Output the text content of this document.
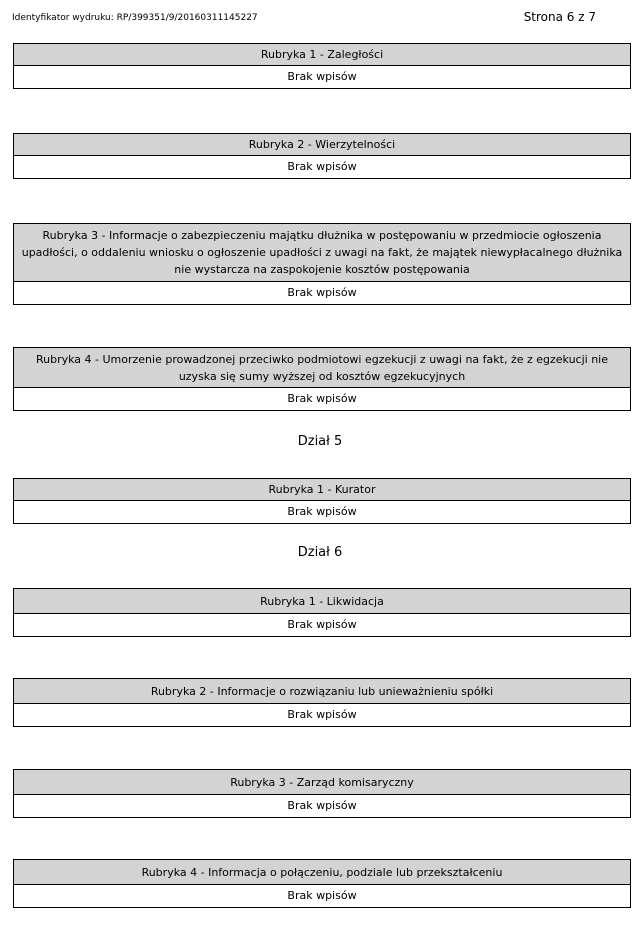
Identyfikator wydruku: RP/399351/9/20160311145227	Strona 6 z 7
Rubryka 1 - Zaległości
Brak wpisów
Rubryka 2 - Wierzytelności
Brak wpisów
Rubryka 3 - Informacje o zabezpieczeniu majątku dłużnika w postępowaniu w przedmiocie ogłoszenia upadłości, o oddaleniu wniosku o ogłoszenie upadłości z uwagi na fakt, że majątek niewypłacalnego dłużnika nie wystarcza na zaspokojenie kosztów postępowania
Brak wpisów
Rubryka 4 - Umorzenie prowadzonej przeciwko podmiotowi egzekucji z uwagi na fakt, że z egzekucji nie uzyska się sumy wyższej od kosztów egzekucyjnych
Brak wpisów
Dział 5
Rubryka 1 - Kurator
Brak wpisów
Dział 6
Rubryka 1 - Likwidacja
Brak wpisów
Rubryka 2 - Informacje o rozwiązaniu lub unieważnieniu spółki
Brak wpisów
Rubryka 3 - Zarząd komisaryczny
Brak wpisów
Rubryka 4 - Informacja o połączeniu, podziale lub przekształceniu
Brak wpisów
